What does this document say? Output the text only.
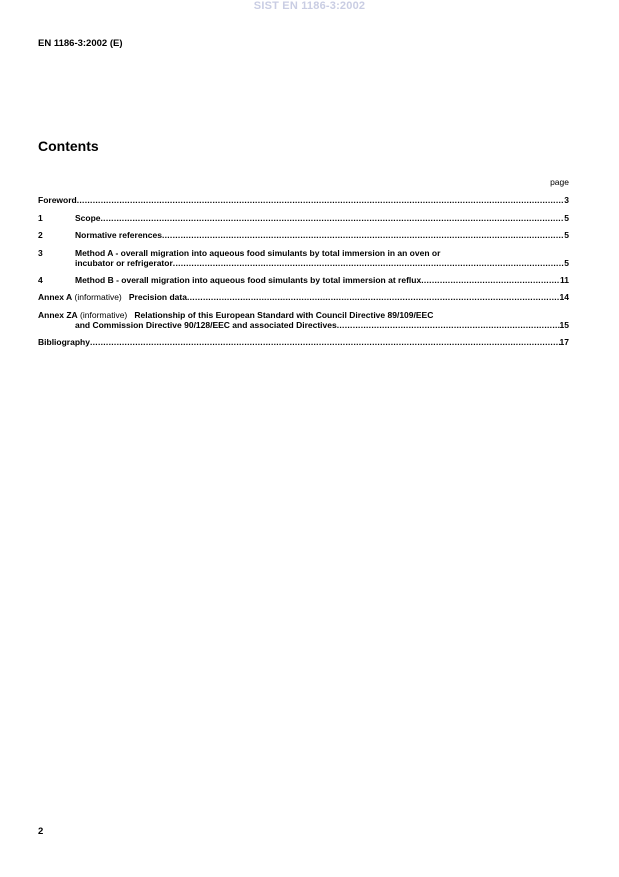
SIST EN 1186-3:2002
EN 1186-3:2002 (E)
Contents
page
Foreword .....	3
1	Scope .....	5
2	Normative references .....	5
3	Method A - overall migration into aqueous food simulants by total immersion in an oven or
incubator or refrigerator .....	5
4	Method B - overall migration into aqueous food simulants by total immersion at reflux .....	11
Annex A (informative) Precision data .....	14
Annex ZA (informative) Relationship of this European Standard with Council Directive 89/109/EEC
and Commission Directive 90/128/EEC and associated Directives .....	15
Bibliography .....	17
2
